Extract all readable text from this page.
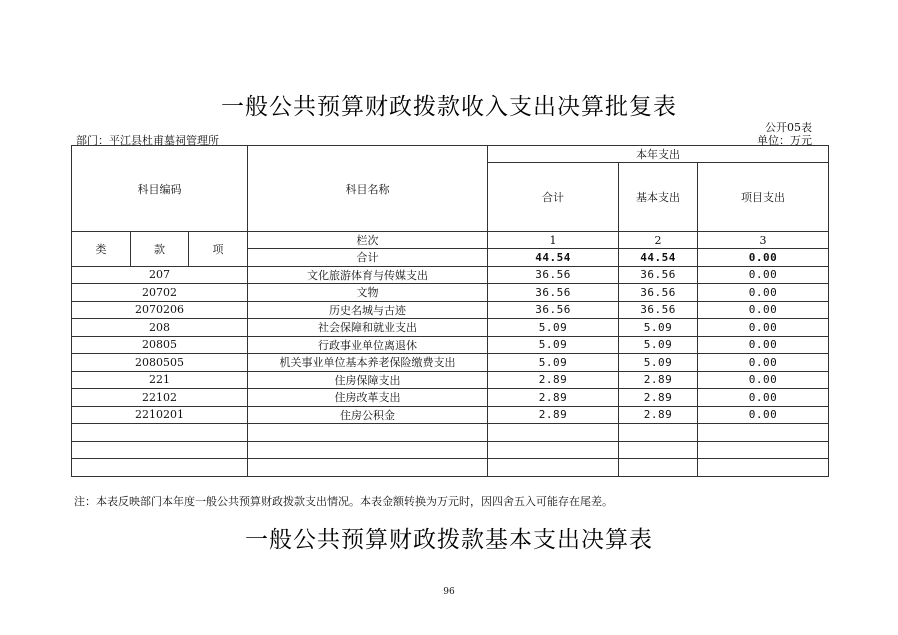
一般公共预算财政拨款收入支出决算批复表
公开05表
部门：平江县杜甫墓祠管理所	单位：万元
科目编码			科目名称	本年支出		
				合计	基本支出	项目支出
类	款	项	栏次	1	2	3
			合计	44.54	44.54	0.00
207			文化旅游体育与传媒支出	36.56	36.56	0.00
20702			文物	36.56	36.56	0.00
2070206			历史名城与古迹	36.56	36.56	0.00
208			社会保障和就业支出	5.09	5.09	0.00
20805			行政事业单位离退休	5.09	5.09	0.00
2080505			机关事业单位基本养老保险缴费支出	5.09	5.09	0.00
221			住房保障支出	2.89	2.89	0.00
22102			住房改革支出	2.89	2.89	0.00
2210201			住房公积金	2.89	2.89	0.00

注：本表反映部门本年度一般公共预算财政拨款支出情况。本表金额转换为万元时，因四舍五入可能存在尾差。
一般公共预算财政拨款基本支出决算表
96
